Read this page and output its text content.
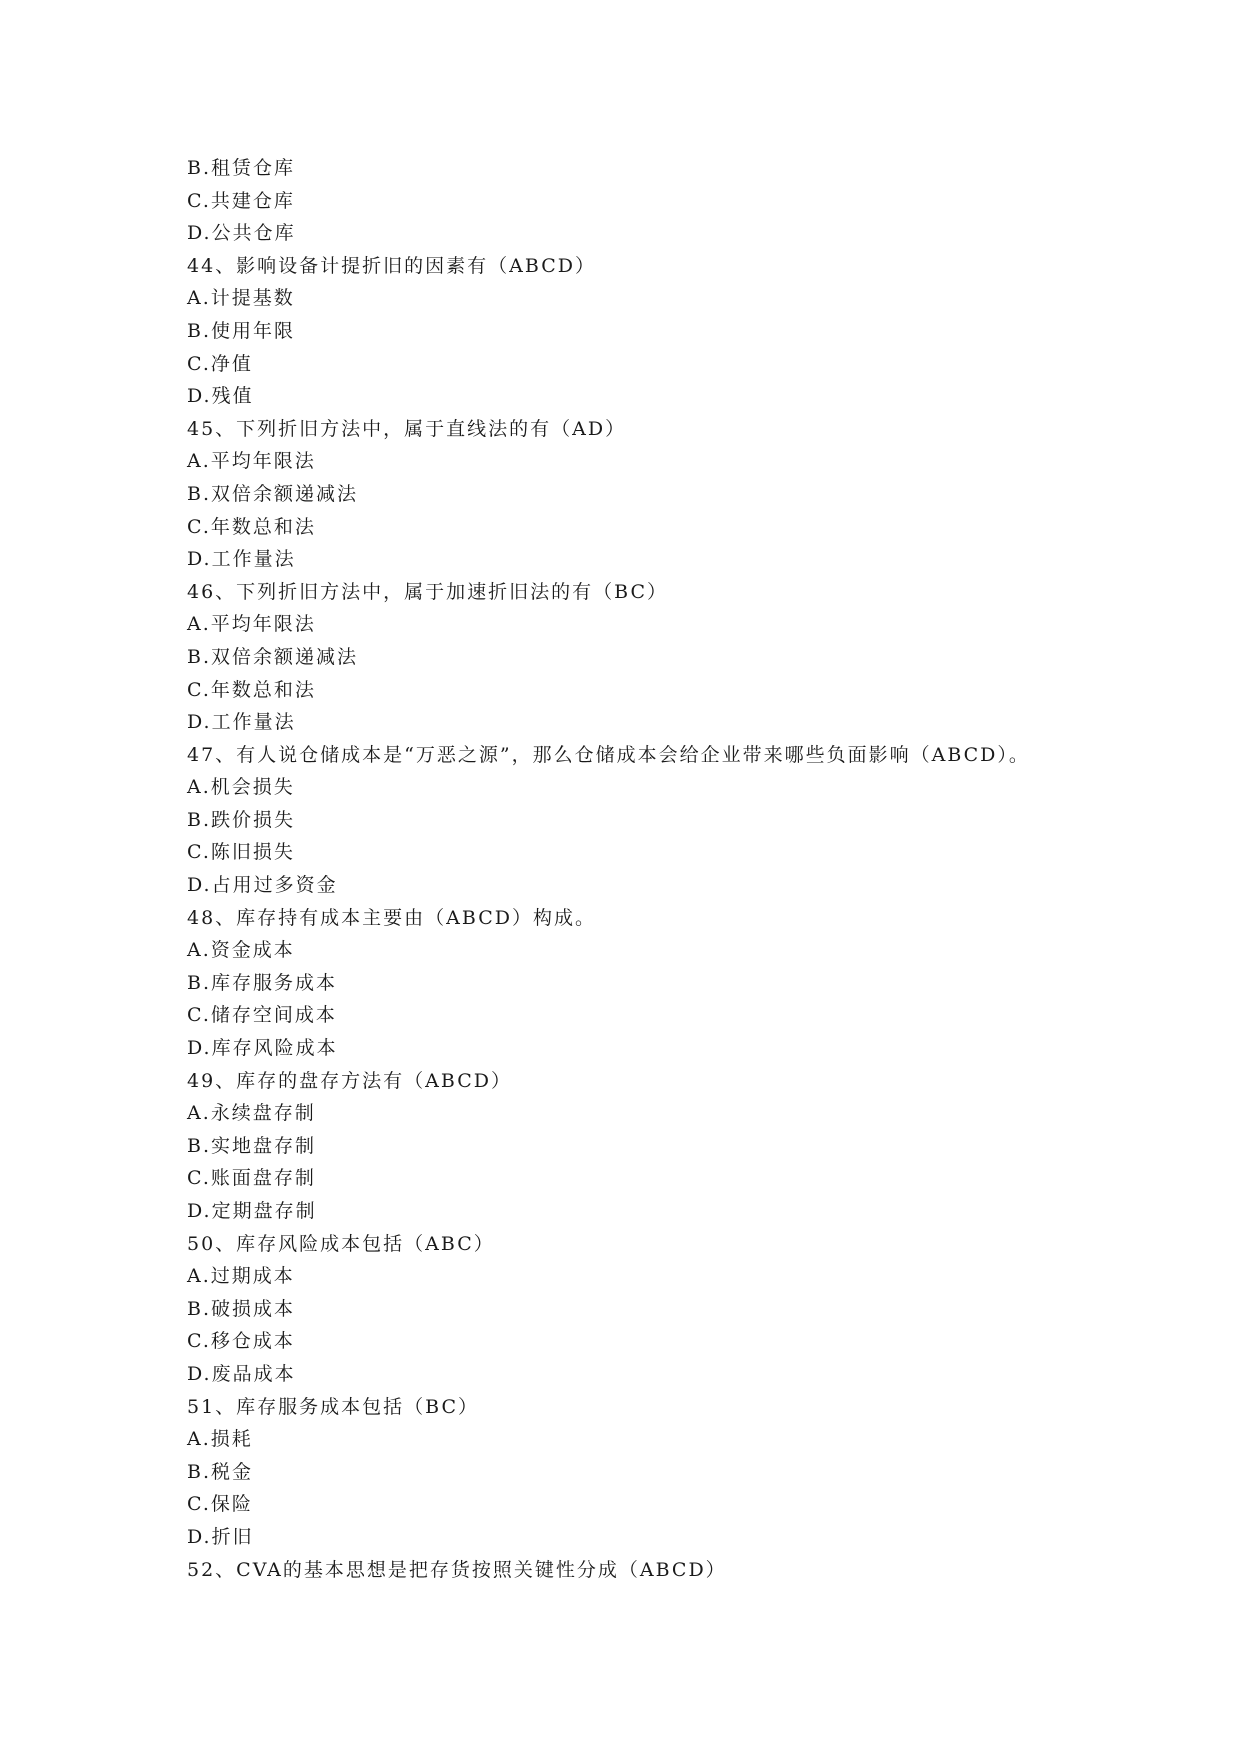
B.租赁仓库
C.共建仓库
D.公共仓库
44、影响设备计提折旧的因素有（ABCD）
A.计提基数
B.使用年限
C.净值
D.残值
45、下列折旧方法中，属于直线法的有（AD）
A.平均年限法
B.双倍余额递减法
C.年数总和法
D.工作量法
46、下列折旧方法中，属于加速折旧法的有（BC）
A.平均年限法
B.双倍余额递减法
C.年数总和法
D.工作量法
47、有人说仓储成本是“万恶之源”，那么仓储成本会给企业带来哪些负面影响（ABCD）。
A.机会损失
B.跌价损失
C.陈旧损失
D.占用过多资金
48、库存持有成本主要由（ABCD）构成。
A.资金成本
B.库存服务成本
C.储存空间成本
D.库存风险成本
49、库存的盘存方法有（ABCD）
A.永续盘存制
B.实地盘存制
C.账面盘存制
D.定期盘存制
50、库存风险成本包括（ABC）
A.过期成本
B.破损成本
C.移仓成本
D.废品成本
51、库存服务成本包括（BC）
A.损耗
B.税金
C.保险
D.折旧
52、CVA的基本思想是把存货按照关键性分成（ABCD）
